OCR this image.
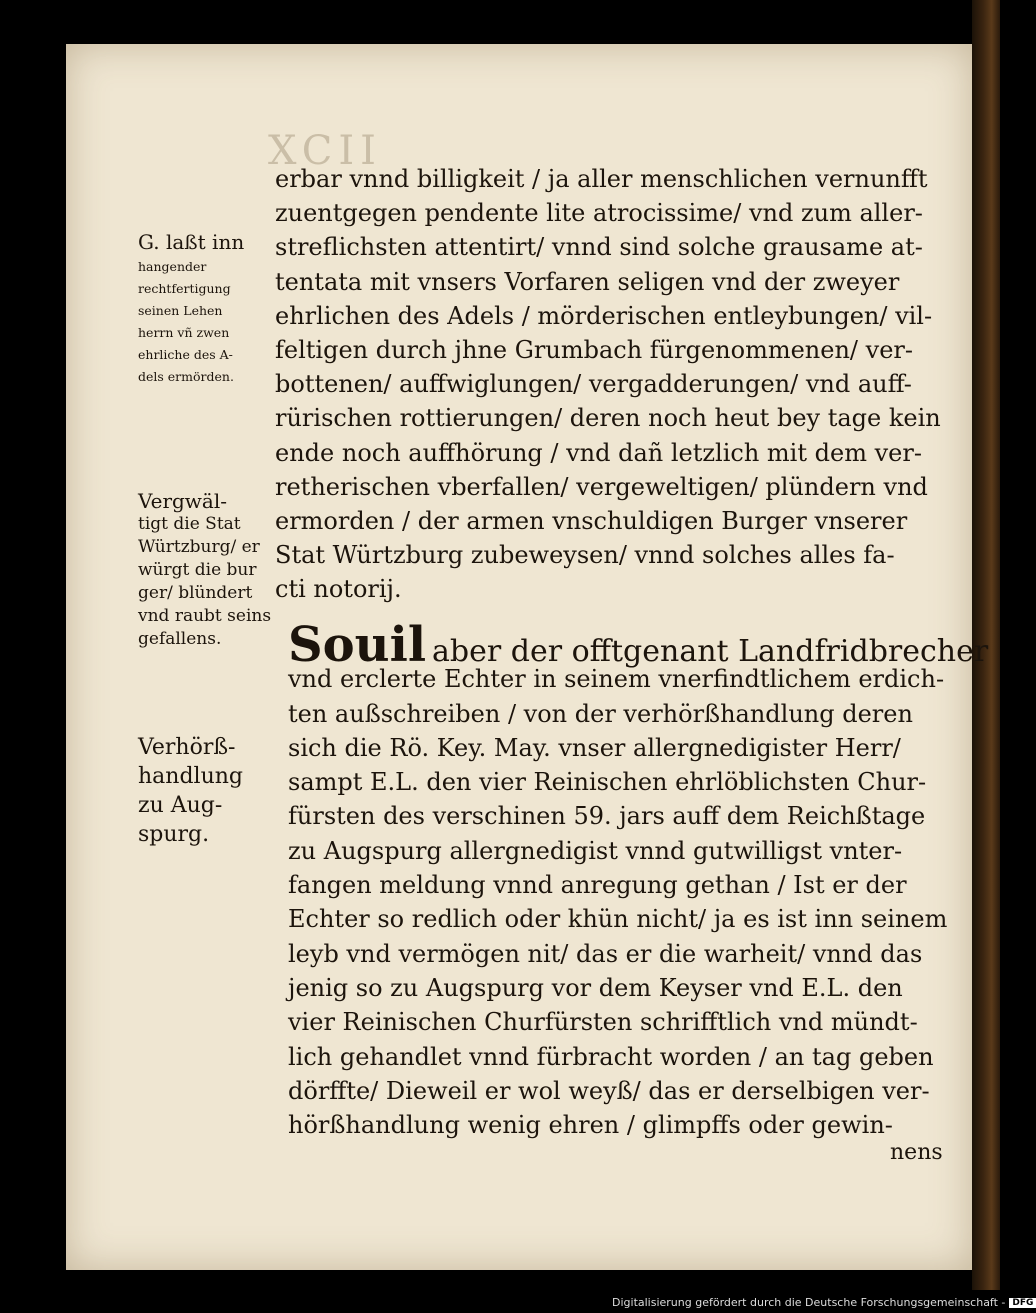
XCII
erbar vnnd billigkeit / ja aller menschlichen vernunfft
zuentgegen pendente lite atrocissime/ vnd zum aller-
streflichsten attentirt/ vnnd sind solche grausame at-
tentata mit vnsers Vorfaren seligen vnd der zweyer
ehrlichen des Adels / mörderischen entleybungen/ vil-
feltigen durch jhne Grumbach fürgenommenen/ ver-
bottenen/ auffwiglungen/ vergadderungen/ vnd auff-
rürischen rottierungen/ deren noch heut bey tage kein
ende noch auffhörung / vnd dañ letzlich mit dem ver-
retherischen vberfallen/ vergeweltigen/ plündern vnd
ermorden / der armen vnschuldigen Burger vnserer
Stat Würtzburg zubeweysen/ vnnd solches alles fa-
cti notorij.
Souil aber der offtgenant Landfridbrecher
vnd erclerte Echter in seinem vnerfindtlichem erdich-
ten außschreiben / von der verhörßhandlung deren
sich die Rö. Key. May. vnser allergnedigister Herr/
sampt E.L. den vier Reinischen ehrlöblichsten Chur-
fürsten des verschinen 59. jars auff dem Reichßtage
zu Augspurg allergnedigist vnnd gutwilligst vnter-
fangen meldung vnnd anregung gethan / Ist er der
Echter so redlich oder khün nicht/ ja es ist inn seinem
leyb vnd vermögen nit/ das er die warheit/ vnnd das
jenig so zu Augspurg vor dem Keyser vnd E.L. den
vier Reinischen Churfürsten schrifftlich vnd mündt-
lich gehandlet vnnd fürbracht worden / an tag geben
dörffte/ Dieweil er wol weyß/ das er derselbigen ver-
hörßhandlung wenig ehren / glimpffs oder gewin-
nens
G. laßt inn
hangender
rechtfertigung
seinen Lehen
herrn vñ zwen
ehrliche des A-
dels ermörden.
Vergwäl-
tigt die Stat
Würtzburg/ er
würgt die bur
ger/ blündert
vnd raubt seins
gefallens.
Verhörß-
handlung
zu Aug-
spurg.
Digitalisierung gefördert durch die Deutsche Forschungsgemeinschaft - DFG
